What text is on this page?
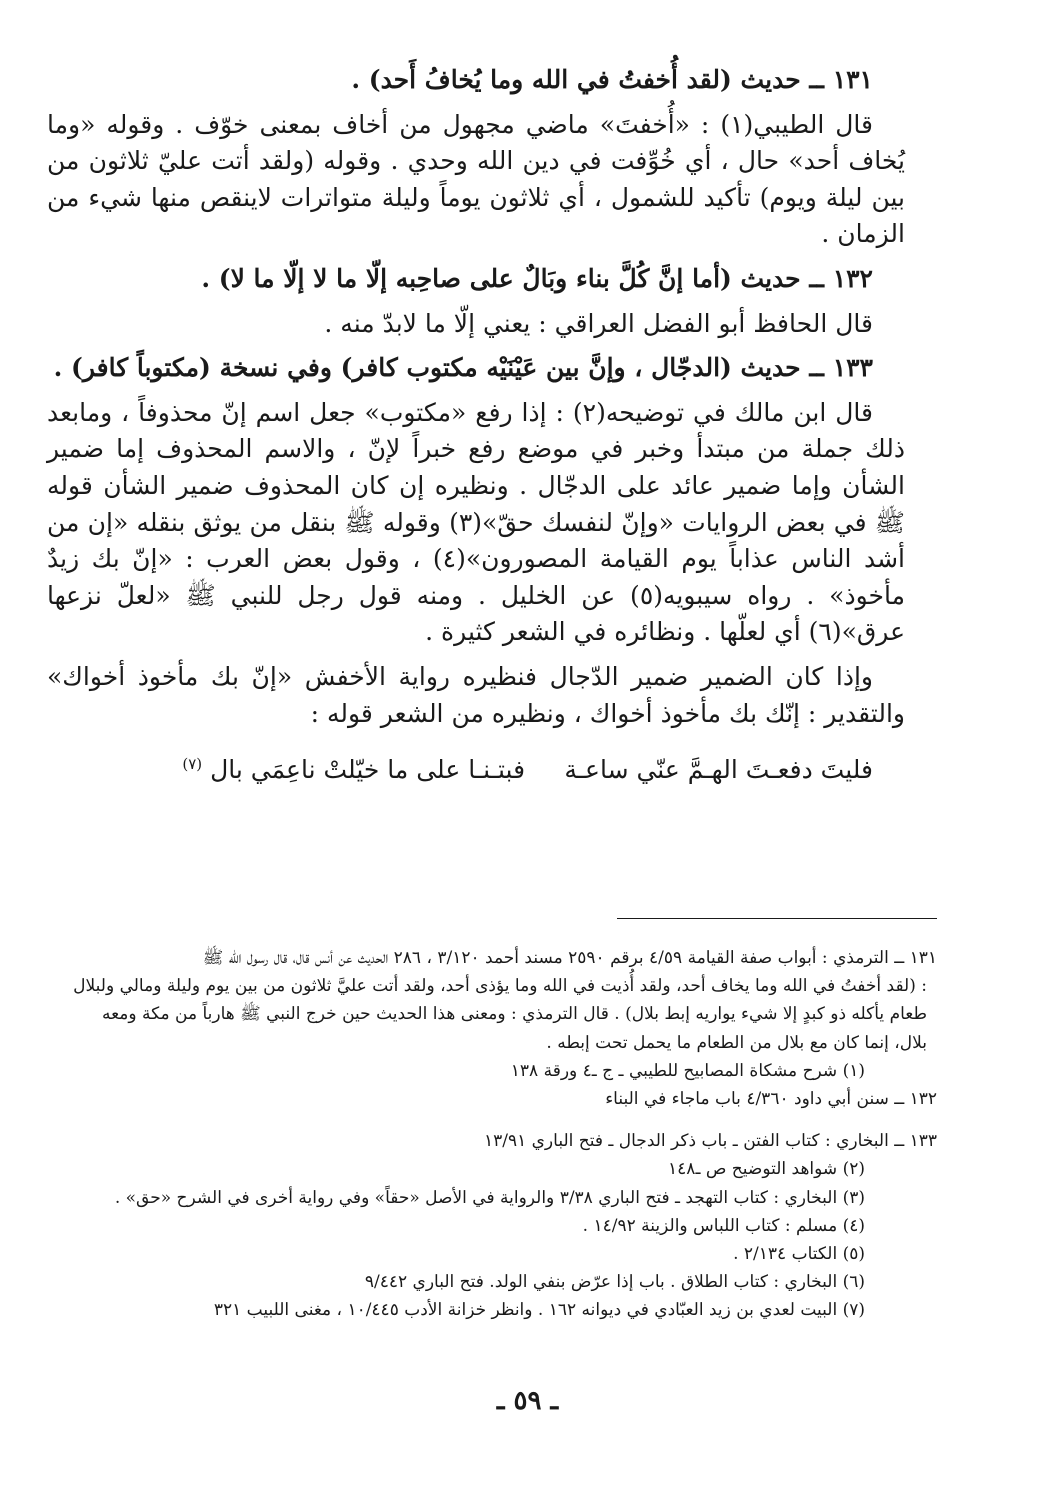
١٣١ ــ حديث (لقد أُخفتُ في الله وما يُخافُ أَحد) .

قال الطيبي(١) : «أُخفتَ» ماضي مجهول من أخاف بمعنى خوّف . وقوله «وما يُخاف أحد» حال ، أي خُوِّفت في دين الله وحدي . وقوله (ولقد أتت عليّ ثلاثون من بين ليلة ويوم) تأكيد للشمول ، أي ثلاثون يوماً وليلة متواترات لاينقص منها شيء من الزمان .

١٣٢ ــ حديث (أما إنَّ كُلَّ بناء وبَالٌ على صاحِبه إلّا ما لا إلّا ما لا) .

قال الحافظ أبو الفضل العراقي : يعني إلّا ما لابدّ منه .

١٣٣ ــ حديث (الدجّال ، وإنَّ بين عَيْنَيْه مكتوب كافر) وفي نسخة (مكتوباً كافر) .

قال ابن مالك في توضيحه(٢) : إذا رفع «مكتوب» جعل اسم إنّ محذوفاً ، ومابعد ذلك جملة من مبتدأ وخبر في موضع رفع خبراً لإنّ ، والاسم المحذوف إما ضمير الشأن وإما ضمير عائد على الدجّال . ونظيره إن كان المحذوف ضمير الشأن قوله ﷺ في بعض الروايات «وإنّ لنفسك حقّ»(٣) وقوله ﷺ بنقل من يوثق بنقله «إن من أشد الناس عذاباً يوم القيامة المصورون»(٤) ، وقول بعض العرب : «إنّ بك زيدٌ مأخوذ» . رواه سيبويه(٥) عن الخليل . ومنه قول رجل للنبي ﷺ «لعلّ نزعها عرق»(٦) أي لعلّها . ونظائره في الشعر كثيرة .

وإذا كان الضمير ضمير الدّجال فنظيره رواية الأخفش «إنّ بك مأخوذ أخواك» والتقدير : إنّك بك مأخوذ أخواك ، ونظيره من الشعر قوله :

فليتَ دفعـتَ الهـمَّ عنّي ساعـة فبتـنـا على ما خيّلتْ ناعِمَي بال $^{(٧)}$

١٣١ ــ الترمذي : أبواب صفة القيامة ٤/٥٩ برقم ٢٥٩٠ مسند أحمد ٣/١٢٠ ، ٢٨٦ الحديث عن أنس قال، قال رسول الله ﷺ

: (لقد أخفتُ في الله وما يخاف أحد، ولقد أُذيت في الله وما يؤذى أحد، ولقد أتت عليَّ ثلاثون من بين يوم وليلة ومالي ولبلال

طعام يأكله ذو كبدٍ إلا شيء يواريه إبط بلال) . قال الترمذي : ومعنى هذا الحديث حين خرج النبي ﷺ هارباً من مكة ومعه

بلال، إنما كان مع بلال من الطعام ما يحمل تحت إبطه .

(١) شرح مشكاة المصابيح للطيبي ـ ج ـ٤ ورقة ١٣٨

١٣٢ ــ سنن أبي داود ٤/٣٦٠ باب ماجاء في البناء

١٣٣ ــ البخاري : كتاب الفتن ـ باب ذكر الدجال ـ فتح الباري ١٣/٩١

(٢) شواهد التوضيح ص ـ١٤٨

(٣) البخاري : كتاب التهجد ـ فتح الباري ٣/٣٨ والرواية في الأصل «حقاً» وفي رواية أخرى في الشرح «حق» .

(٤) مسلم : كتاب اللباس والزينة ١٤/٩٢ .

(٥) الكتاب ٢/١٣٤ .

(٦) البخاري : كتاب الطلاق . باب إذا عرّض بنفي الولد. فتح الباري ٩/٤٤٢

(٧) البيت لعدي بن زيد العبّادي في ديوانه ١٦٢ . وانظر خزانة الأدب ١٠/٤٤٥ ، مغنى اللبيب ٣٢١

ـ ٥٩ ـ
